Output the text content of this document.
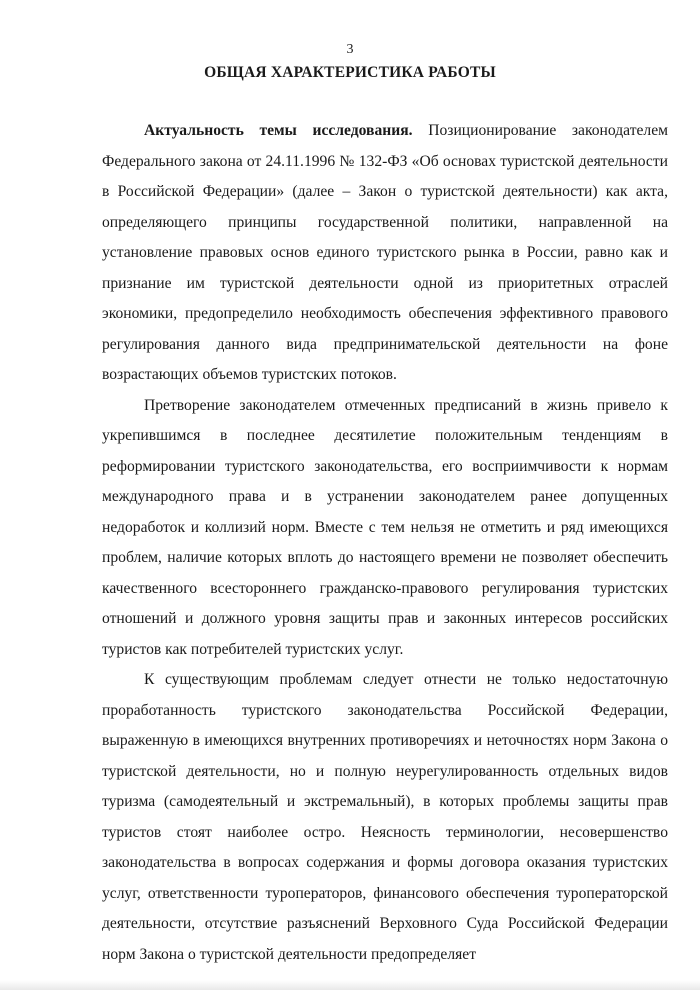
3
ОБЩАЯ ХАРАКТЕРИСТИКА РАБОТЫ

Актуальность темы исследования. Позиционирование законодателем Федерального закона от 24.11.1996 № 132-ФЗ «Об основах туристской деятельности в Российской Федерации» (далее – Закон о туристской деятельности) как акта, определяющего принципы государственной политики, направленной на установление правовых основ единого туристского рынка в России, равно как и признание им туристской деятельности одной из приоритетных отраслей экономики, предопределило необходимость обеспечения эффективного правового регулирования данного вида предпринимательской деятельности на фоне возрастающих объемов туристских потоков.

Претворение законодателем отмеченных предписаний в жизнь привело к укрепившимся в последнее десятилетие положительным тенденциям в реформировании туристского законодательства, его восприимчивости к нормам международного права и в устранении законодателем ранее допущенных недоработок и коллизий норм. Вместе с тем нельзя не отметить и ряд имеющихся проблем, наличие которых вплоть до настоящего времени не позволяет обеспечить качественного всестороннего гражданско-правового регулирования туристских отношений и должного уровня защиты прав и законных интересов российских туристов как потребителей туристских услуг.

К существующим проблемам следует отнести не только недостаточную проработанность туристского законодательства Российской Федерации, выраженную в имеющихся внутренних противоречиях и неточностях норм Закона о туристской деятельности, но и полную неурегулированность отдельных видов туризма (самодеятельный и экстремальный), в которых проблемы защиты прав туристов стоят наиболее остро. Неясность терминологии, несовершенство законодательства в вопросах содержания и формы договора оказания туристских услуг, ответственности туроператоров, финансового обеспечения туроператорской деятельности, отсутствие разъяснений Верховного Суда Российской Федерации норм Закона о туристской деятельности предопределяет
